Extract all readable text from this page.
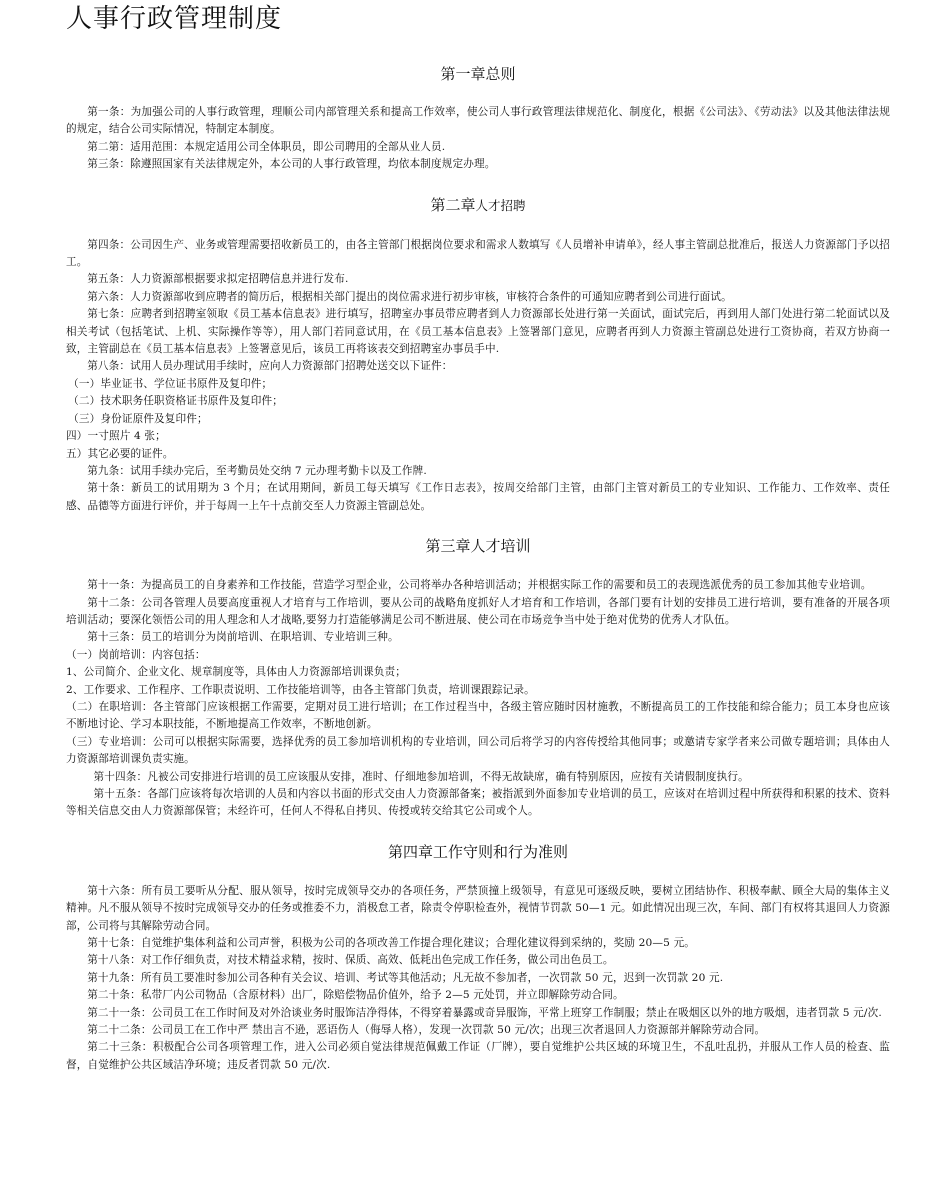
人事行政管理制度
第一章总则

第一条：为加强公司的人事行政管理，理顺公司内部管理关系和提高工作效率，使公司人事行政管理法律规范化、制度化，根据《公司法》、《劳动法》以及其他法律法规的规定，结合公司实际情况，特制定本制度。

第二第：适用范围：本规定适用公司全体职员，即公司聘用的全部从业人员.

第三条：除遵照国家有关法律规定外，本公司的人事行政管理，均依本制度规定办理。

第二章人才招聘

第四条：公司因生产、业务或管理需要招收新员工的，由各主管部门根据岗位要求和需求人数填写《人员增补申请单》，经人事主管副总批准后，报送人力资源部门予以招工。

第五条：人力资源部根据要求拟定招聘信息并进行发布.

第六条：人力资源部收到应聘者的简历后，根据相关部门提出的岗位需求进行初步审核，审核符合条件的可通知应聘者到公司进行面试。

第七条：应聘者到招聘室领取《员工基本信息表》进行填写，招聘室办事员带应聘者到人力资源部长处进行第一关面试，面试完后，再到用人部门处进行第二轮面试以及相关考试（包括笔试、上机、实际操作等等），用人部门若同意试用，在《员工基本信息表》上签署部门意见，应聘者再到人力资源主管副总处进行工资协商，若双方协商一致，主管副总在《员工基本信息表》上签署意见后，该员工再将该表交到招聘室办事员手中.

第八条：试用人员办理试用手续时，应向人力资源部门招聘处送交以下证件：

（一）毕业证书、学位证书原件及复印件；

（二）技术职务任职资格证书原件及复印件；

（三）身份证原件及复印件；

四）一寸照片 4 张；

五）其它必要的证件。

第九条：试用手续办完后，至考勤员处交纳 7 元办理考勤卡以及工作牌.

第十条：新员工的试用期为 3 个月；在试用期间，新员工每天填写《工作日志表》，按周交给部门主管，由部门主管对新员工的专业知识、工作能力、工作效率、责任感、品德等方面进行评价，并于每周一上午十点前交至人力资源主管副总处。

第三章人才培训

第十一条：为提高员工的自身素养和工作技能，营造学习型企业，公司将举办各种培训活动；并根据实际工作的需要和员工的表现选派优秀的员工参加其他专业培训。

第十二条：公司各管理人员要高度重视人才培育与工作培训，要从公司的战略角度抓好人才培育和工作培训，各部门要有计划的安排员工进行培训，要有准备的开展各项培训活动；要深化领悟公司的用人理念和人才战略,要努力打造能够满足公司不断进展、使公司在市场竞争当中处于绝对优势的优秀人才队伍。

第十三条：员工的培训分为岗前培训、在职培训、专业培训三种。

（一）岗前培训：内容包括：

1、公司简介、企业文化、规章制度等，具体由人力资源部培训课负责；

2、工作要求、工作程序、工作职责说明、工作技能培训等，由各主管部门负责，培训课跟踪记录。

（二）在职培训：各主管部门应该根据工作需要，定期对员工进行培训；在工作过程当中，各级主管应随时因材施教，不断提高员工的工作技能和综合能力；员工本身也应该不断地讨论、学习本职技能，不断地提高工作效率，不断地创新。

（三）专业培训：公司可以根据实际需要，选择优秀的员工参加培训机构的专业培训，回公司后将学习的内容传授给其他同事；或邀请专家学者来公司做专题培训；具体由人力资源部培训课负责实施。

第十四条：凡被公司安排进行培训的员工应该服从安排，准时、仔细地参加培训，不得无故缺席，确有特别原因，应按有关请假制度执行。

第十五条：各部门应该将每次培训的人员和内容以书面的形式交由人力资源部备案；被指派到外面参加专业培训的员工，应该对在培训过程中所获得和积累的技术、资料等相关信息交由人力资源部保管；未经许可，任何人不得私自拷贝、传授或转交给其它公司或个人。

第四章工作守则和行为准则

第十六条：所有员工要听从分配、服从领导，按时完成领导交办的各项任务，严禁顶撞上级领导，有意见可逐级反映，要树立团结协作、积极奉献、顾全大局的集体主义精神。凡不服从领导不按时完成领导交办的任务或推委不力，消极怠工者，除责令停职检查外，视情节罚款 50—1 元。如此情况出现三次，车间、部门有权将其退回人力资源部，公司将与其解除劳动合同。

第十七条：自觉维护集体利益和公司声誉，积极为公司的各项改善工作提合理化建议；合理化建议得到采纳的，奖励 20—5 元。

第十八条：对工作仔细负责，对技术精益求精，按时、保质、高效、低耗出色完成工作任务，做公司出色员工。

第十九条：所有员工要准时参加公司各种有关会议、培训、考试等其他活动；凡无故不参加者，一次罚款 50 元，迟到一次罚款 20 元.

第二十条：私带厂内公司物品（含原材料）出厂，除赔偿物品价值外，给予 2—5 元处罚，并立即解除劳动合同。

第二十一条：公司员工在工作时间及对外洽谈业务时服饰洁净得体，不得穿着暴露或奇异服饰，平常上班穿工作制服；禁止在吸烟区以外的地方吸烟，违者罚款 5 元/次.

第二十二条：公司员工在工作中严 禁出言不逊，恶语伤人（侮辱人格），发现一次罚款 50 元/次；出现三次者退回人力资源部并解除劳动合同。

第二十三条：积极配合公司各项管理工作，进入公司必须自觉法律规范佩戴工作证（厂牌），要自觉维护公共区域的环境卫生，不乱吐乱扔，并服从工作人员的检查、监督，自觉维护公共区域洁净环境；违反者罚款 50 元/次.
